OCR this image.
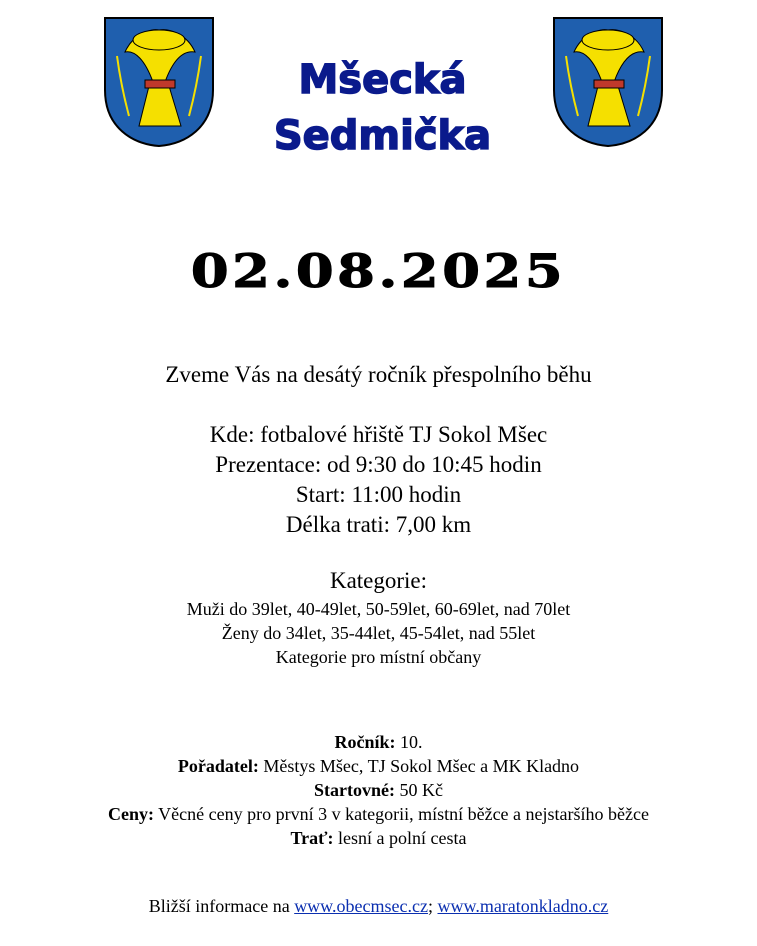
Mšecká
Sedmička
02.08.2025
Zveme Vás na desátý ročník přespolního běhu
Kde: fotbalové hřiště TJ Sokol Mšec
Prezentace: od 9:30 do 10:45 hodin
Start: 11:00 hodin
Délka trati: 7,00 km
Kategorie:
Muži do 39let, 40-49let, 50-59let, 60-69let, nad 70let
Ženy do 34let, 35-44let, 45-54let, nad 55let
Kategorie pro místní občany
Ročník: 10.
Pořadatel: Městys Mšec, TJ Sokol Mšec a MK Kladno
Startovné: 50 Kč
Ceny: Věcné ceny pro první 3 v kategorii, místní běžce a nejstaršího běžce
Trať: lesní a polní cesta
Bližší informace na www.obecmsec.cz; www.maratonkladno.cz
